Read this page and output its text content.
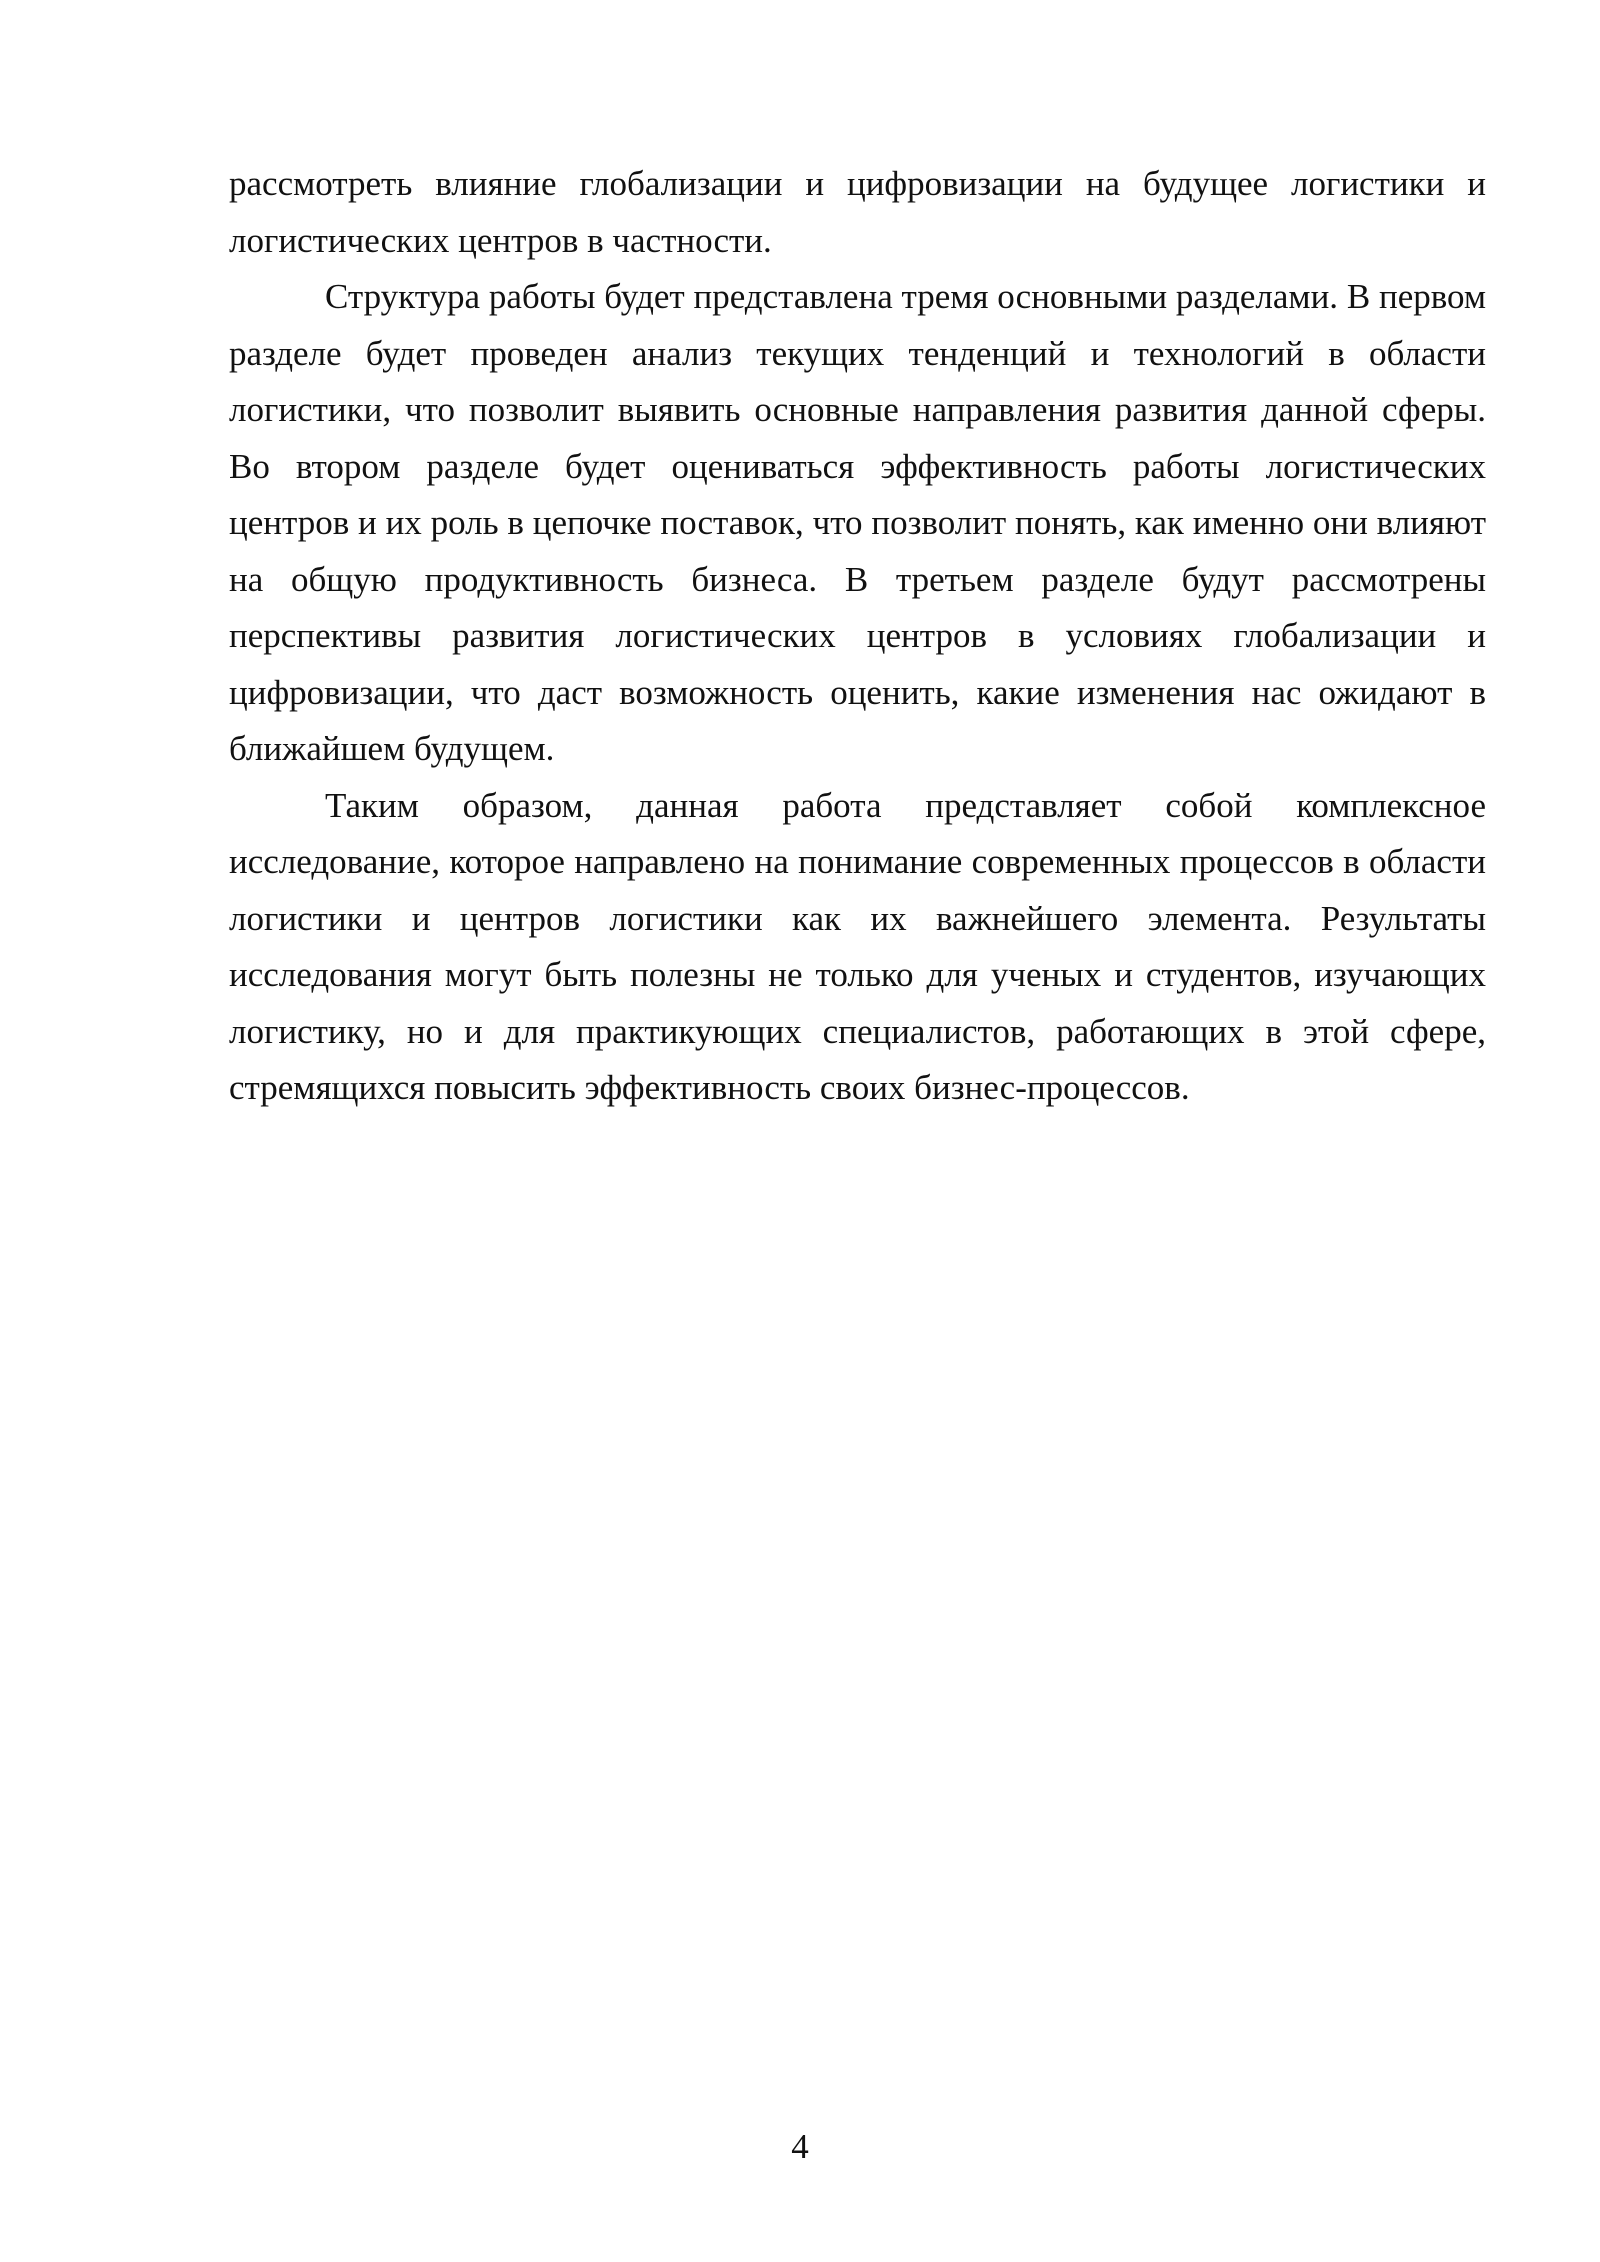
рассмотреть влияние глобализации и цифровизации на будущее логистики и логистических центров в частности.

Структура работы будет представлена тремя основными разделами. В первом разделе будет проведен анализ текущих тенденций и технологий в области логистики, что позволит выявить основные направления развития данной сферы. Во втором разделе будет оцениваться эффективность работы логистических центров и их роль в цепочке поставок, что позволит понять, как именно они влияют на общую продуктивность бизнеса. В третьем разделе будут рассмотрены перспективы развития логистических центров в условиях глобализации и цифровизации, что даст возможность оценить, какие изменения нас ожидают в ближайшем будущем.

Таким образом, данная работа представляет собой комплексное исследование, которое направлено на понимание современных процессов в области логистики и центров логистики как их важнейшего элемента. Результаты исследования могут быть полезны не только для ученых и студентов, изучающих логистику, но и для практикующих специалистов, работающих в этой сфере, стремящихся повысить эффективность своих бизнес-процессов.

4
